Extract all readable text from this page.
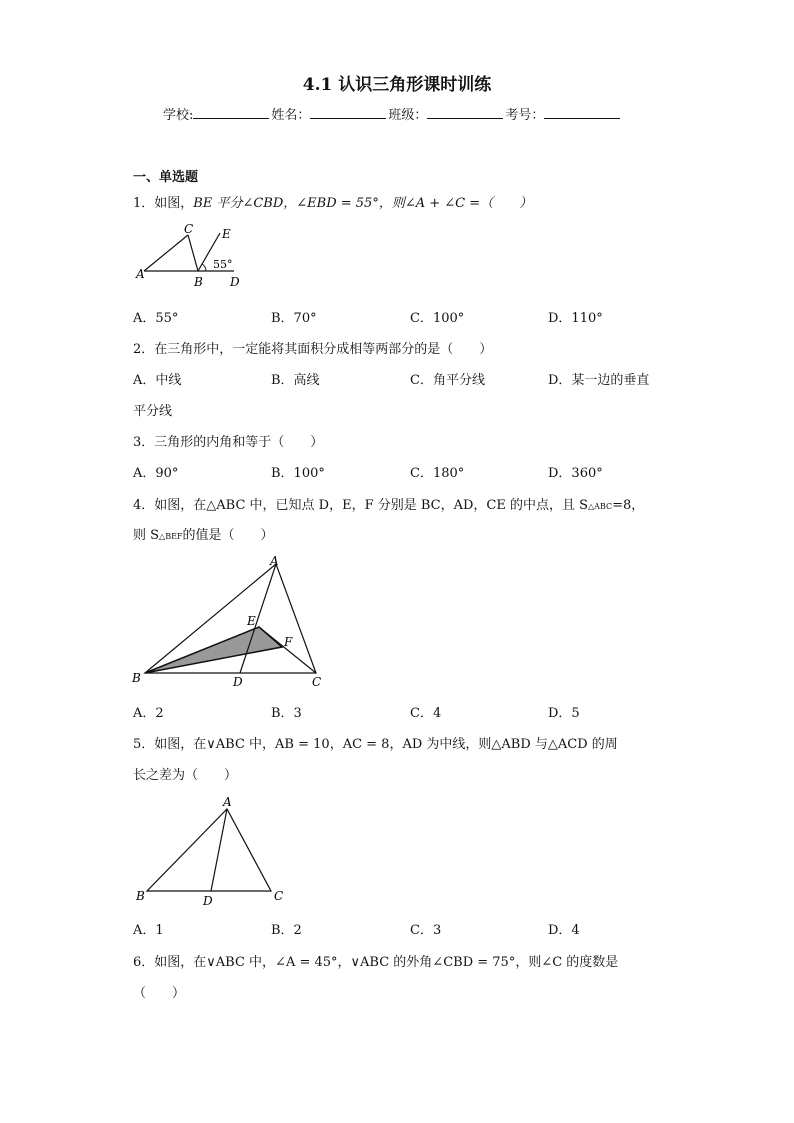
4.1 认识三角形课时训练
学校:	姓名：	班级：	考号：
一、单选题
1．如图，BE 平分∠CBD，∠EBD = 55°，则∠A + ∠C =（　　）
A
C E
B D
55°
A．55°	B．70°	C．100°	D．110°
2．在三角形中，一定能将其面积分成相等两部分的是（　　）
A．中线	B．高线	C．角平分线	D．某一边的垂直
平分线
3．三角形的内角和等于（　　）
A．90°	B．100°	C．180°	D．360°
4．如图，在△ABC 中，已知点 D，E，F 分别是 BC，AD，CE 的中点，且 S△ABC=8，
则 S△BEF的值是（　　）
A
E
F
B	D	C
A．2	B．3	C．4	D．5
5．如图，在∨ABC 中，AB = 10，AC = 8，AD 为中线，则△ABD 与△ACD 的周
长之差为（　　）
A
B	D	C
A．1	B．2	C．3	D．4
6．如图，在∨ABC 中，∠A = 45°，∨ABC 的外角∠CBD = 75°，则∠C 的度数是
（　　）
